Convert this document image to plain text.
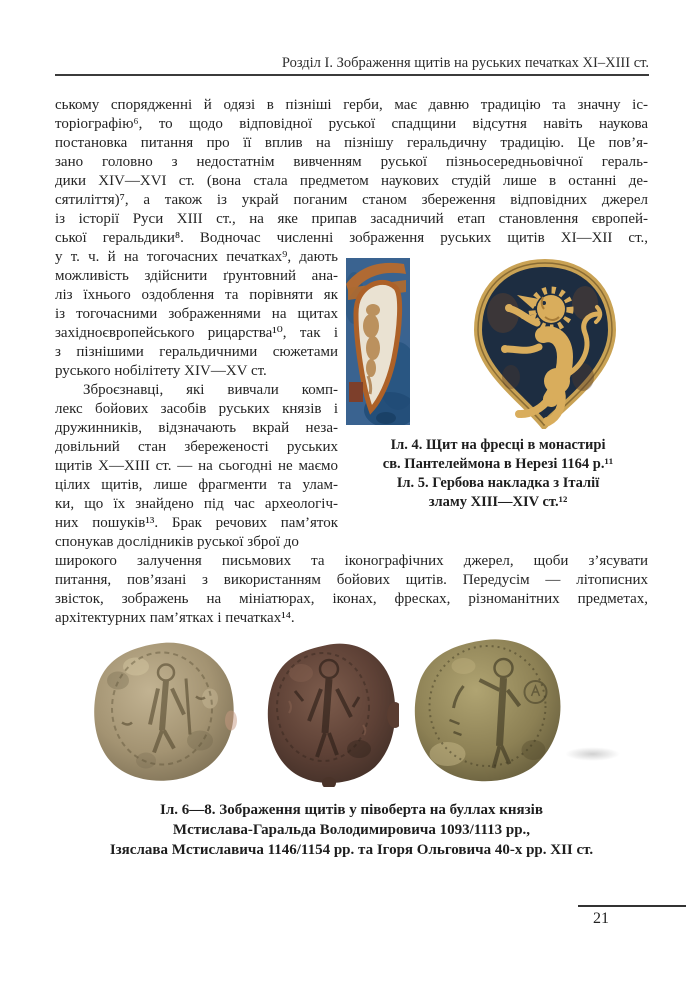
Розділ І. Зображення щитів на руських печатках ХІ–ХІІІ ст.
ському спорядженні й одязі в пізніші герби, має давню традицію та значну іс-
торіографію⁶, то щодо відповідної руської спадщини відсутня навіть наукова
постановка питання про її вплив на пізнішу геральдичну традицію. Це пов’я-
зано головно з недостатнім вивченням руської пізньосередньовічної гераль-
дики XIV—XVI ст. (вона стала предметом наукових студій лише в останні де-
сятиліття)⁷, а також із украй поганим станом збереження відповідних джерел
із історії Руси XIII ст., на яке припав засадничий етап становлення європей-
ської геральдики⁸. Водночас численні зображення руських щитів XI—XII ст.,
у т. ч. й на тогочасних печатках⁹, дають
можливість здійснити ґрунтовний ана-
ліз їхнього оздоблення та порівняти як
із тогочасними зображеннями на щитах
західноєвропейського рицарства¹⁰, так і
з пізнішими геральдичними сюжетами
руського нобілітету XIV—XV ст.
Зброєзнавці, які вивчали комп-
лекс бойових засобів руських князів і
дружинників, відзначають вкрай неза-
довільний стан збереженості руських
щитів X—XIII ст. — на сьогодні не маємо
цілих щитів, лише фрагменти та улам-
ки, що їх знайдено під час археологіч-
них пошуків¹³. Брак речових пам’яток
спонукав дослідників руської зброї до
широкого залучення письмових та іконографічних джерел, щоби з’ясувати
питання, пов’язані з використанням бойових щитів. Передусім — літописних
звісток, зображень на мініатюрах, іконах, фресках, різноманітних предметах,
архітектурних пам’ятках і печатках¹⁴.
Іл. 4. Щит на фресці в монастирі
св. Пантелеймона в Нерезі 1164 р.¹¹
Іл. 5. Гербова накладка з Італії
зламу XIII—XIV ст.¹²
Іл. 6—8. Зображення щитів у півоберта на буллах князів
Мстислава-Гаральда Володимировича 1093/1113 рр.,
Ізяслава Мстиславича 1146/1154 рр. та Ігоря Ольговича 40-х рр. XII ст.
21
